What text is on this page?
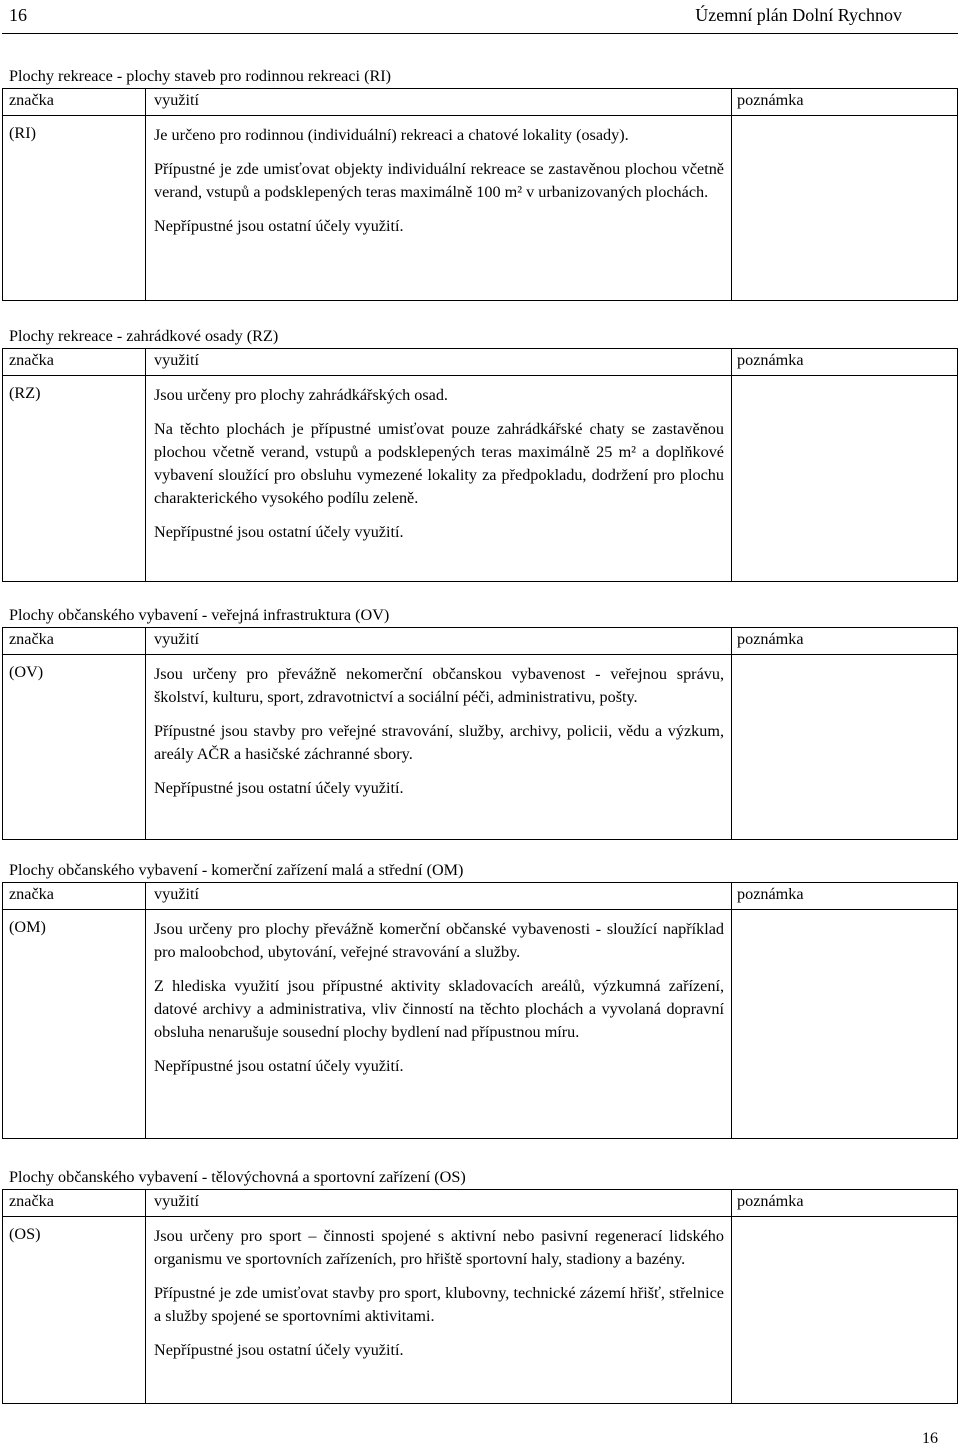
16	Územní plán Dolní Rychnov
Plochy rekreace - plochy staveb pro rodinnou rekreaci (RI)
značka	využití	poznámka
(RI)	Je určeno pro rodinnou (individuální) rekreaci a chatové lokality (osady).

Přípustné je zde umisťovat objekty individuální rekreace se zastavěnou plochou včetně verand, vstupů a podsklepených teras maximálně 100 m² v urbanizovaných plochách.

Nepřípustné jsou ostatní účely využití.

Plochy rekreace - zahrádkové osady (RZ)
značka	využití	poznámka
(RZ)	Jsou určeny pro plochy zahrádkářských osad.

Na těchto plochách je přípustné umisťovat pouze zahrádkářské chaty se zastavěnou plochou včetně verand, vstupů a podsklepených teras maximálně 25 m² a doplňkové vybavení sloužící pro obsluhu vymezené lokality za předpokladu, dodržení pro plochu charakterického vysokého podílu zeleně.

Nepřípustné jsou ostatní účely využití.

Plochy občanského vybavení - veřejná infrastruktura (OV)
značka	využití	poznámka
(OV)	Jsou určeny pro převážně nekomerční občanskou vybavenost - veřejnou správu, školství, kulturu, sport, zdravotnictví a sociální péči, administrativu, pošty.

Přípustné jsou stavby pro veřejné stravování, služby, archivy, policii, vědu a výzkum, areály AČR a hasičské záchranné sbory.

Nepřípustné jsou ostatní účely využití.

Plochy občanského vybavení - komerční zařízení malá a střední (OM)
značka	využití	poznámka
(OM)	Jsou určeny pro plochy převážně komerční občanské vybavenosti - sloužící například pro maloobchod, ubytování, veřejné stravování a služby.

Z hlediska využití jsou přípustné aktivity skladovacích areálů, výzkumná zařízení, datové archivy a administrativa, vliv činností na těchto plochách a vyvolaná dopravní obsluha nenarušuje sousední plochy bydlení nad přípustnou míru.

Nepřípustné jsou ostatní účely využití.

Plochy občanského vybavení - tělovýchovná a sportovní zařízení (OS)
značka	využití	poznámka
(OS)	Jsou určeny pro sport – činnosti spojené s aktivní nebo pasivní regenerací lidského organismu ve sportovních zařízeních, pro hřiště sportovní haly, stadiony a bazény.

Přípustné je zde umisťovat stavby pro sport, klubovny, technické zázemí hřišť, střelnice a služby spojené se sportovními aktivitami.

Nepřípustné jsou ostatní účely využití.

16
